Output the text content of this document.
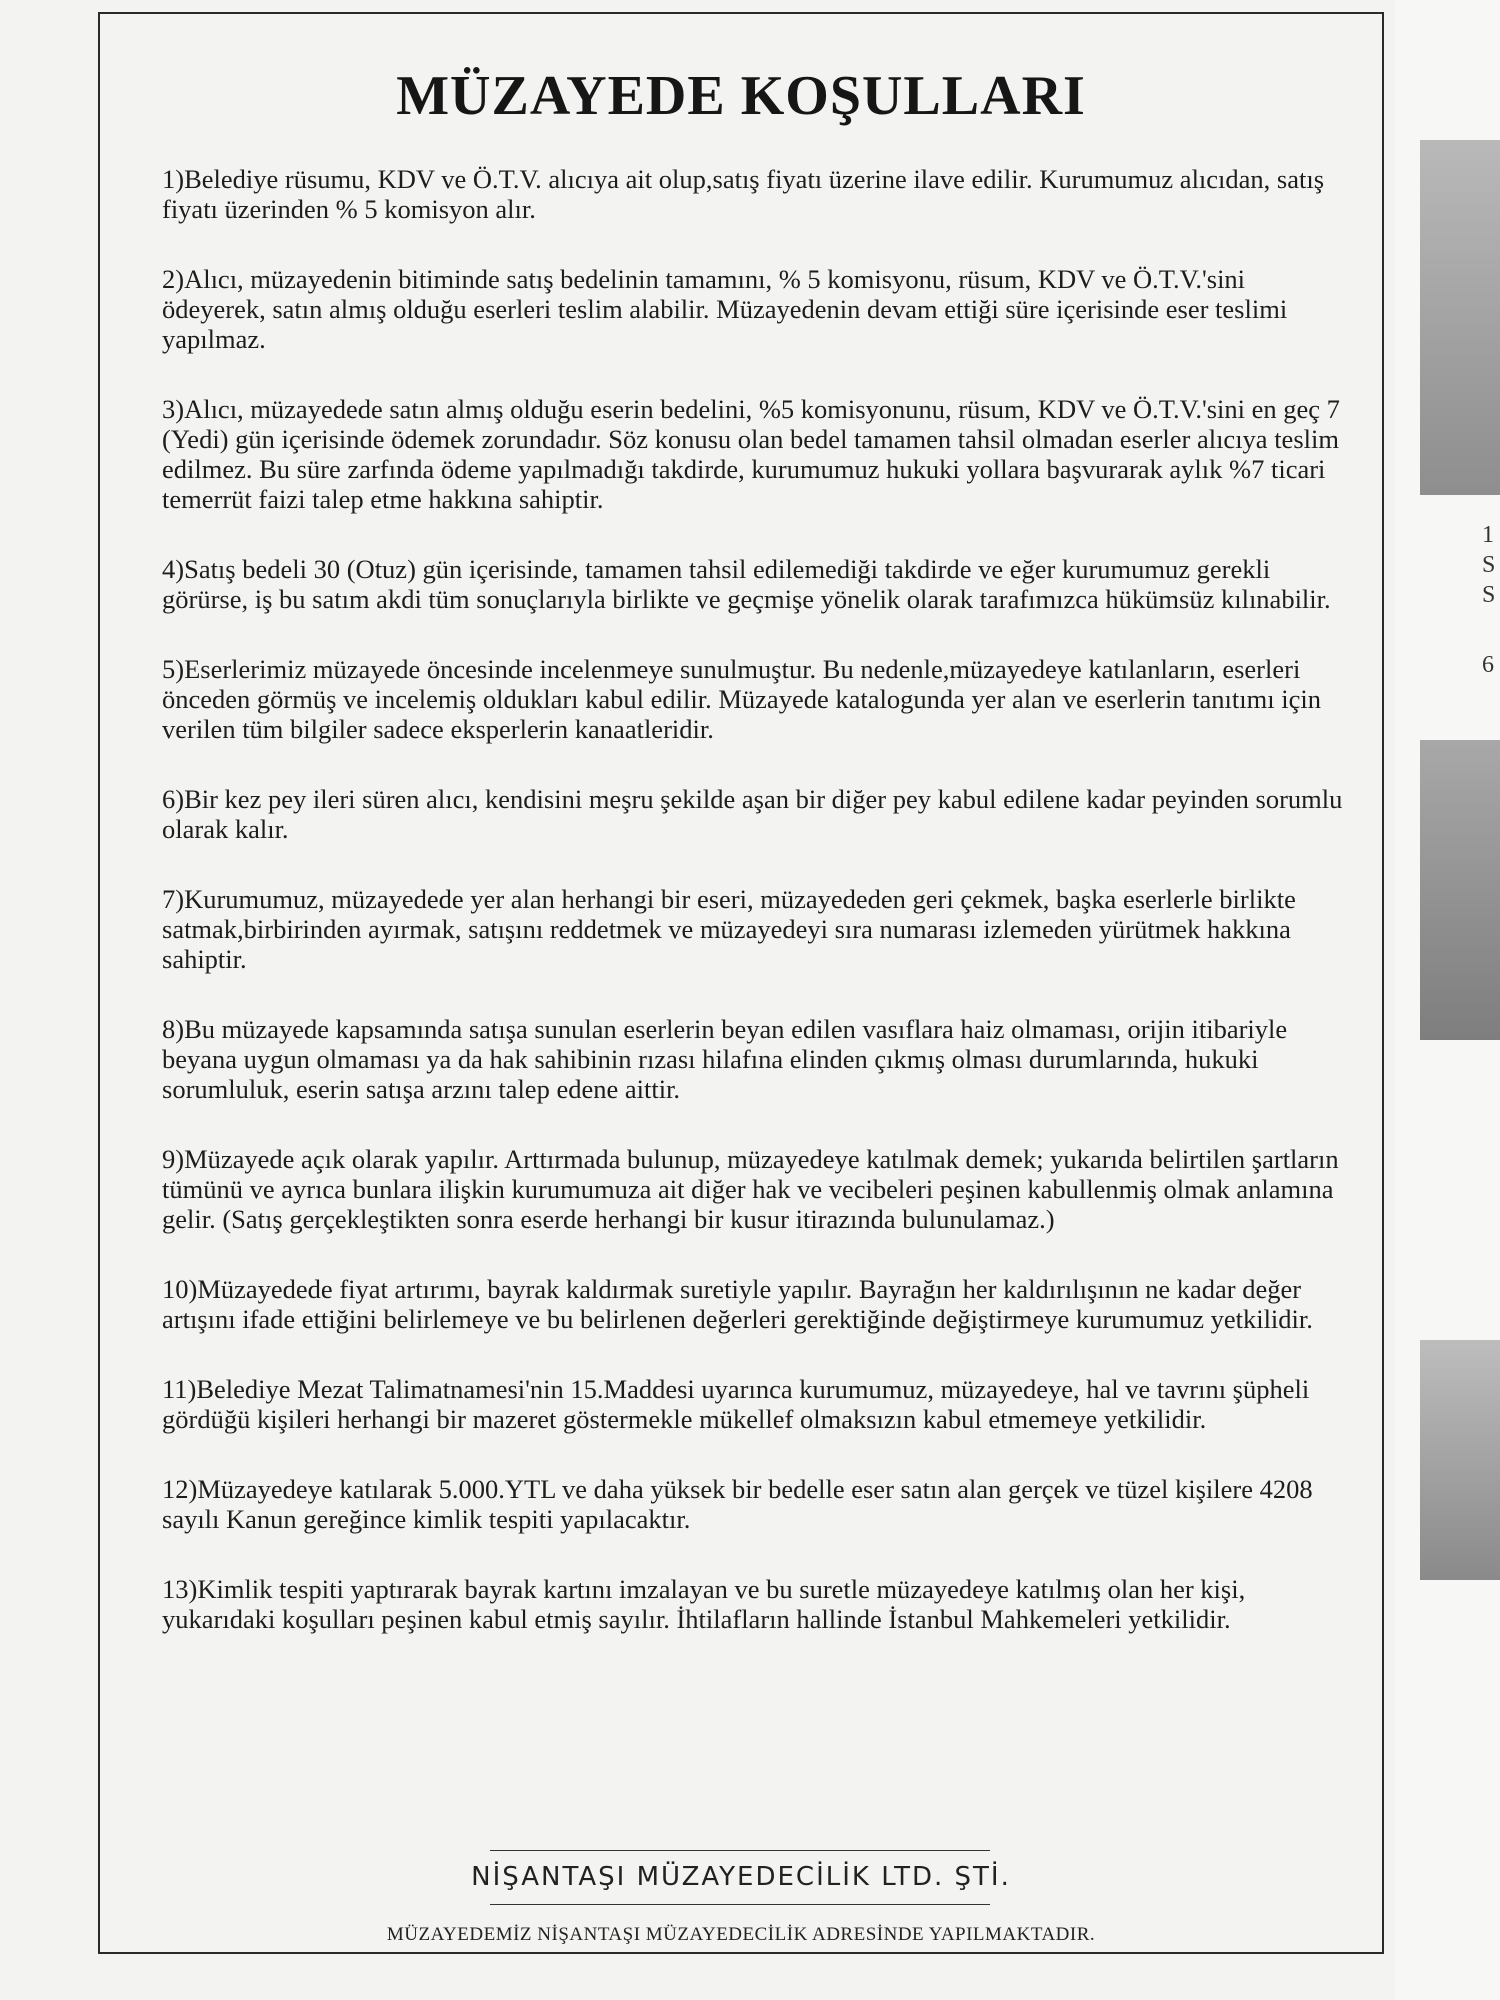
MÜZAYEDE KOŞULLARI

1)Belediye rüsumu, KDV ve Ö.T.V. alıcıya ait olup,satış fiyatı üzerine ilave edilir. Kurumumuz alıcıdan, satış fiyatı üzerinden % 5 komisyon alır.

2)Alıcı, müzayedenin bitiminde satış bedelinin tamamını, % 5 komisyonu, rüsum, KDV ve Ö.T.V.'sini ödeyerek, satın almış olduğu eserleri teslim alabilir. Müzayedenin devam ettiği süre içerisinde eser teslimi yapılmaz.

3)Alıcı, müzayedede satın almış olduğu eserin bedelini, %5 komisyonunu, rüsum, KDV ve Ö.T.V.'sini en geç 7 (Yedi) gün içerisinde ödemek zorundadır. Söz konusu olan bedel tamamen tahsil olmadan eserler alıcıya teslim edilmez. Bu süre zarfında ödeme yapılmadığı takdirde, kurumumuz hukuki yollara başvurarak aylık %7 ticari temerrüt faizi talep etme hakkına sahiptir.

4)Satış bedeli 30 (Otuz) gün içerisinde, tamamen tahsil edilemediği takdirde ve eğer kurumumuz gerekli görürse, iş bu satım akdi tüm sonuçlarıyla birlikte ve geçmişe yönelik olarak tarafımızca hükümsüz kılınabilir.

5)Eserlerimiz müzayede öncesinde incelenmeye sunulmuştur. Bu nedenle,müzayedeye katılanların, eserleri önceden görmüş ve incelemiş oldukları kabul edilir. Müzayede katalogunda yer alan ve eserlerin tanıtımı için verilen tüm bilgiler sadece eksperlerin kanaatleridir.

6)Bir kez pey ileri süren alıcı, kendisini meşru şekilde aşan bir diğer pey kabul edilene kadar peyinden sorumlu olarak kalır.

7)Kurumumuz, müzayedede yer alan herhangi bir eseri, müzayededen geri çekmek, başka eserlerle birlikte satmak,birbirinden ayırmak, satışını reddetmek ve müzayedeyi sıra numarası izlemeden yürütmek hakkına sahiptir.

8)Bu müzayede kapsamında satışa sunulan eserlerin beyan edilen vasıflara haiz olmaması, orijin itibariyle beyana uygun olmaması ya da hak sahibinin rızası hilafına elinden çıkmış olması durumlarında, hukuki sorumluluk, eserin satışa arzını talep edene aittir.

9)Müzayede açık olarak yapılır. Arttırmada bulunup, müzayedeye katılmak demek; yukarıda belirtilen şartların tümünü ve ayrıca bunlara ilişkin kurumumuza ait diğer hak ve vecibeleri peşinen kabullenmiş olmak anlamına gelir. (Satış gerçekleştikten sonra eserde herhangi bir kusur itirazında bulunulamaz.)

10)Müzayedede fiyat artırımı, bayrak kaldırmak suretiyle yapılır. Bayrağın her kaldırılışının ne kadar değer artışını ifade ettiğini belirlemeye ve bu belirlenen değerleri gerektiğinde değiştirmeye kurumumuz yetkilidir.

11)Belediye Mezat Talimatnamesi'nin 15.Maddesi uyarınca kurumumuz, müzayedeye, hal ve tavrını şüpheli gördüğü kişileri herhangi bir mazeret göstermekle mükellef olmaksızın kabul etmemeye yetkilidir.

12)Müzayedeye katılarak 5.000.YTL ve daha yüksek bir bedelle eser satın alan gerçek ve tüzel kişilere 4208 sayılı Kanun gereğince kimlik tespiti yapılacaktır.

13)Kimlik tespiti yaptırarak bayrak kartını imzalayan ve bu suretle müzayedeye katılmış olan her kişi, yukarıdaki koşulları peşinen kabul etmiş sayılır. İhtilafların hallinde İstanbul Mahkemeleri yetkilidir.

NİŞANTAŞI MÜZAYEDECİLİK LTD. ŞTİ.
MÜZAYEDEMİZ NİŞANTAŞI MÜZAYEDECİLİK ADRESİNDE YAPILMAKTADIR.
1
S
S
6
